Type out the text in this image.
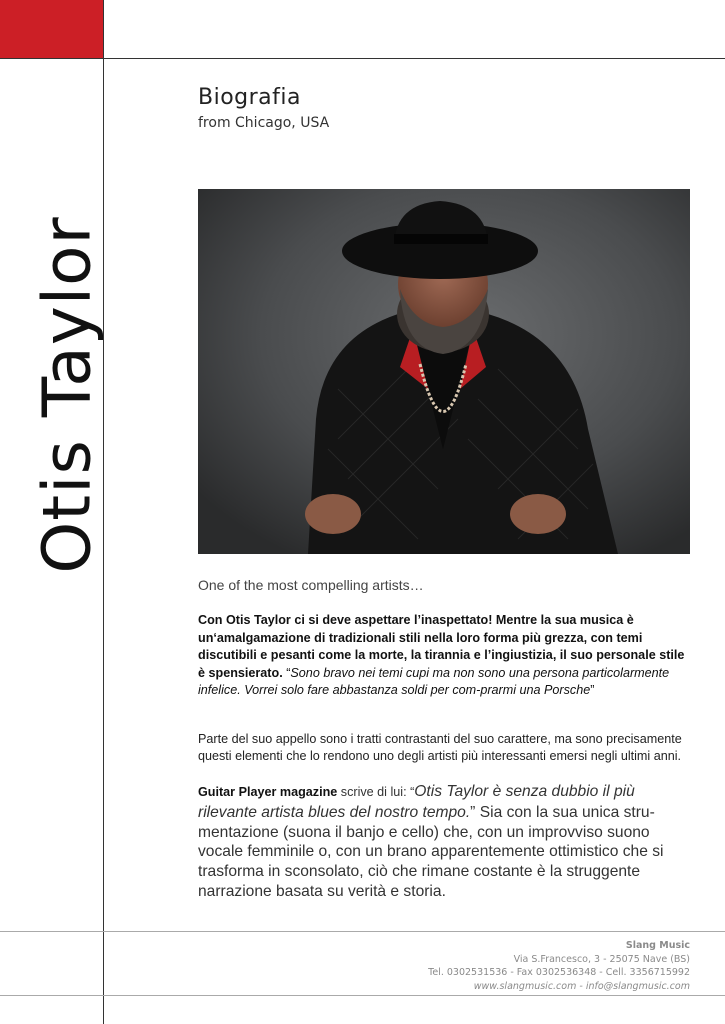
Otis Taylor
Biografia
from Chicago, USA
One of the most compelling artists…
Con Otis Taylor ci si deve aspettare l’inaspettato! Mentre la sua musica è un‘amalgamazione di tradizionali stili nella loro forma più grezza, con temi discutibili e pesanti come la morte, la tirannia e l’ingiustizia, il suo personale stile è spensierato. “Sono bravo nei temi cupi ma non sono una persona particolarmente infelice. Vorrei solo fare abbastanza soldi per com-prarmi una Porsche”
Parte del suo appello sono i tratti contrastanti del suo carattere, ma sono precisamente questi elementi che lo rendono uno degli artisti più interessanti emersi negli ultimi anni.
Guitar Player magazine scrive di lui: “Otis Taylor è senza dubbio il più rilevante artista blues del nostro tempo.” Sia con la sua unica stru-mentazione (suona il banjo e cello) che, con un improvviso suono vocale femminile o, con un brano apparentemente ottimistico che si trasforma in sconsolato, ciò che rimane costante è la struggente narrazione basata su verità e storia.
Slang Music
Via S.Francesco, 3 - 25075 Nave (BS)
Tel. 0302531536 - Fax 0302536348 - Cell. 3356715992
www.slangmusic.com - info@slangmusic.com
